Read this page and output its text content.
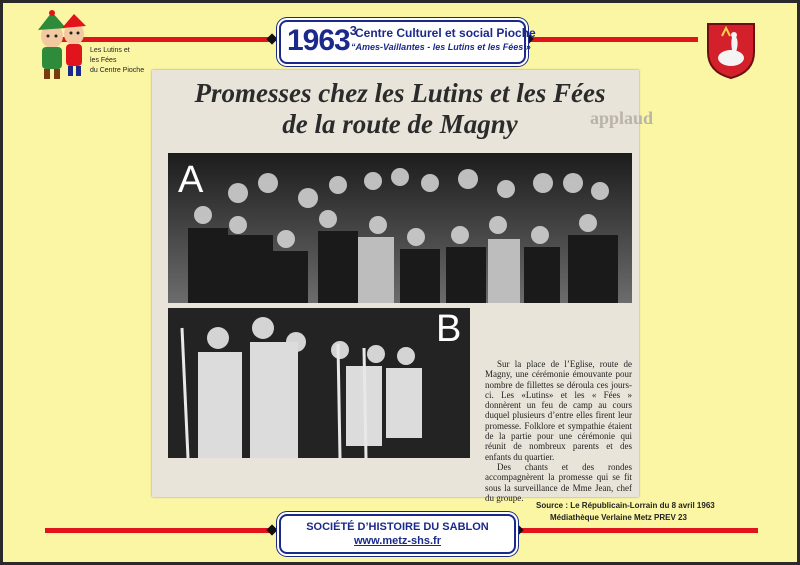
Les Lutins et
les Fées
du Centre Pioche
1963$^3$ Centre Culturel et social Pioche
“Ames-Vaillantes - les Lutins et les Fées »
applaud
Promesses chez les Lutins et les Fées
de la route de Magny
A
B
Sur la place de l’Eglise, route de Magny, une cérémonie émouvante pour nombre de fillettes se déroula ces jours-ci. Les «Lutins» et les « Fées » donnèrent un feu de camp au cours duquel plusieurs d’entre elles firent leur promesse. Folklore et sympathie étaient de la partie pour une cérémonie qui réunit de nombreux parents et des enfants du quartier.
Des chants et des rondes accompagnèrent la promesse qui se fit sous la surveillance de Mme Jean, chef du groupe.
Source : Le Républicain-Lorrain du 8 avril 1963
Médiathèque Verlaine Metz PREV 23
SOCIÉTÉ D’HISTOIRE DU SABLON
www.metz-shs.fr
